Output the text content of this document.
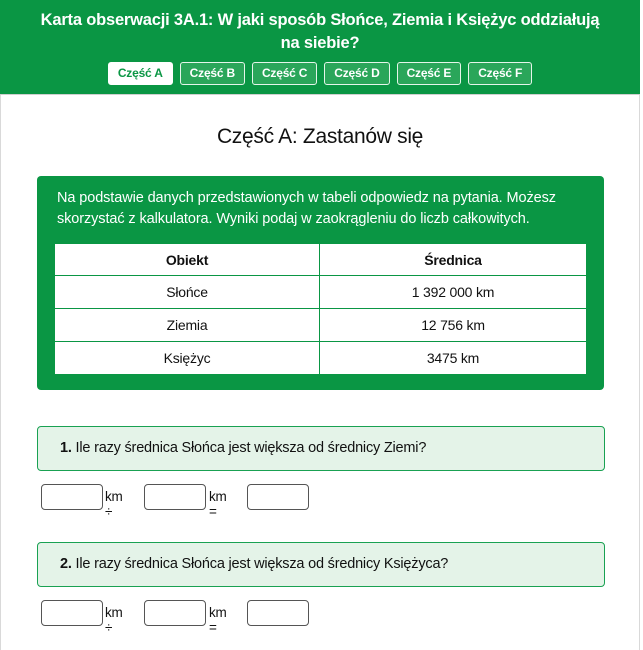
Karta obserwacji 3A.1: W jaki sposób Słońce, Ziemia i Księżyc oddziałują na siebie?
Część A	Część B	Część C	Część D	Część E	Część F
Część A: Zastanów się
Na podstawie danych przedstawionych w tabeli odpowiedz na pytania. Możesz skorzystać z kalkulatora. Wyniki podaj w zaokrągleniu do liczb całkowitych.
Obiekt	Średnica
Słońce	1 392 000 km
Ziemia	12 756 km
Księżyc	3475 km
1. Ile razy średnica Słońca jest większa od średnicy Ziemi?
km ÷
km =
2. Ile razy średnica Słońca jest większa od średnicy Księżyca?
km ÷
km =
